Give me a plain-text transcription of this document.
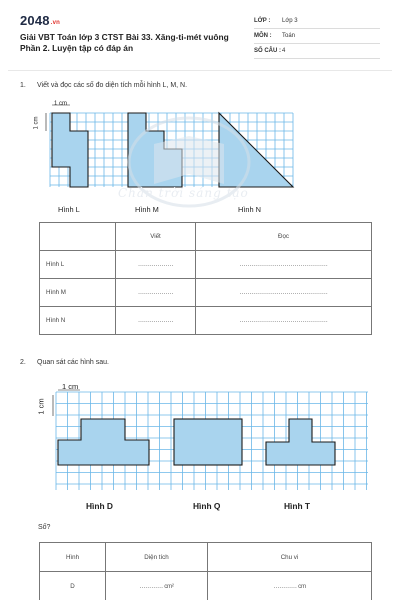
2048.vn
Giải VBT Toán lớp 3 CTST Bài 33. Xăng-ti-mét vuông Phần 2. Luyện tập có đáp án
LỚP :	Lớp 3
MÔN :	Toán
SỐ CÂU : 4
1. Viết và đọc các số đo diện tích mỗi hình L, M, N.
1 cm
1 cm
Chân trời sáng tạo
Hình L	Hình M	Hình N
	Viết	Đọc
Hình L	………………	………………………………………
Hình M	………………	………………………………………
Hình N	………………	………………………………………
2. Quan sát các hình sau.
1 cm
1 cm
Hình D	Hình Q	Hình T
Số?
Hình	Diện tích	Chu vi
D	………… cm²	………… cm
